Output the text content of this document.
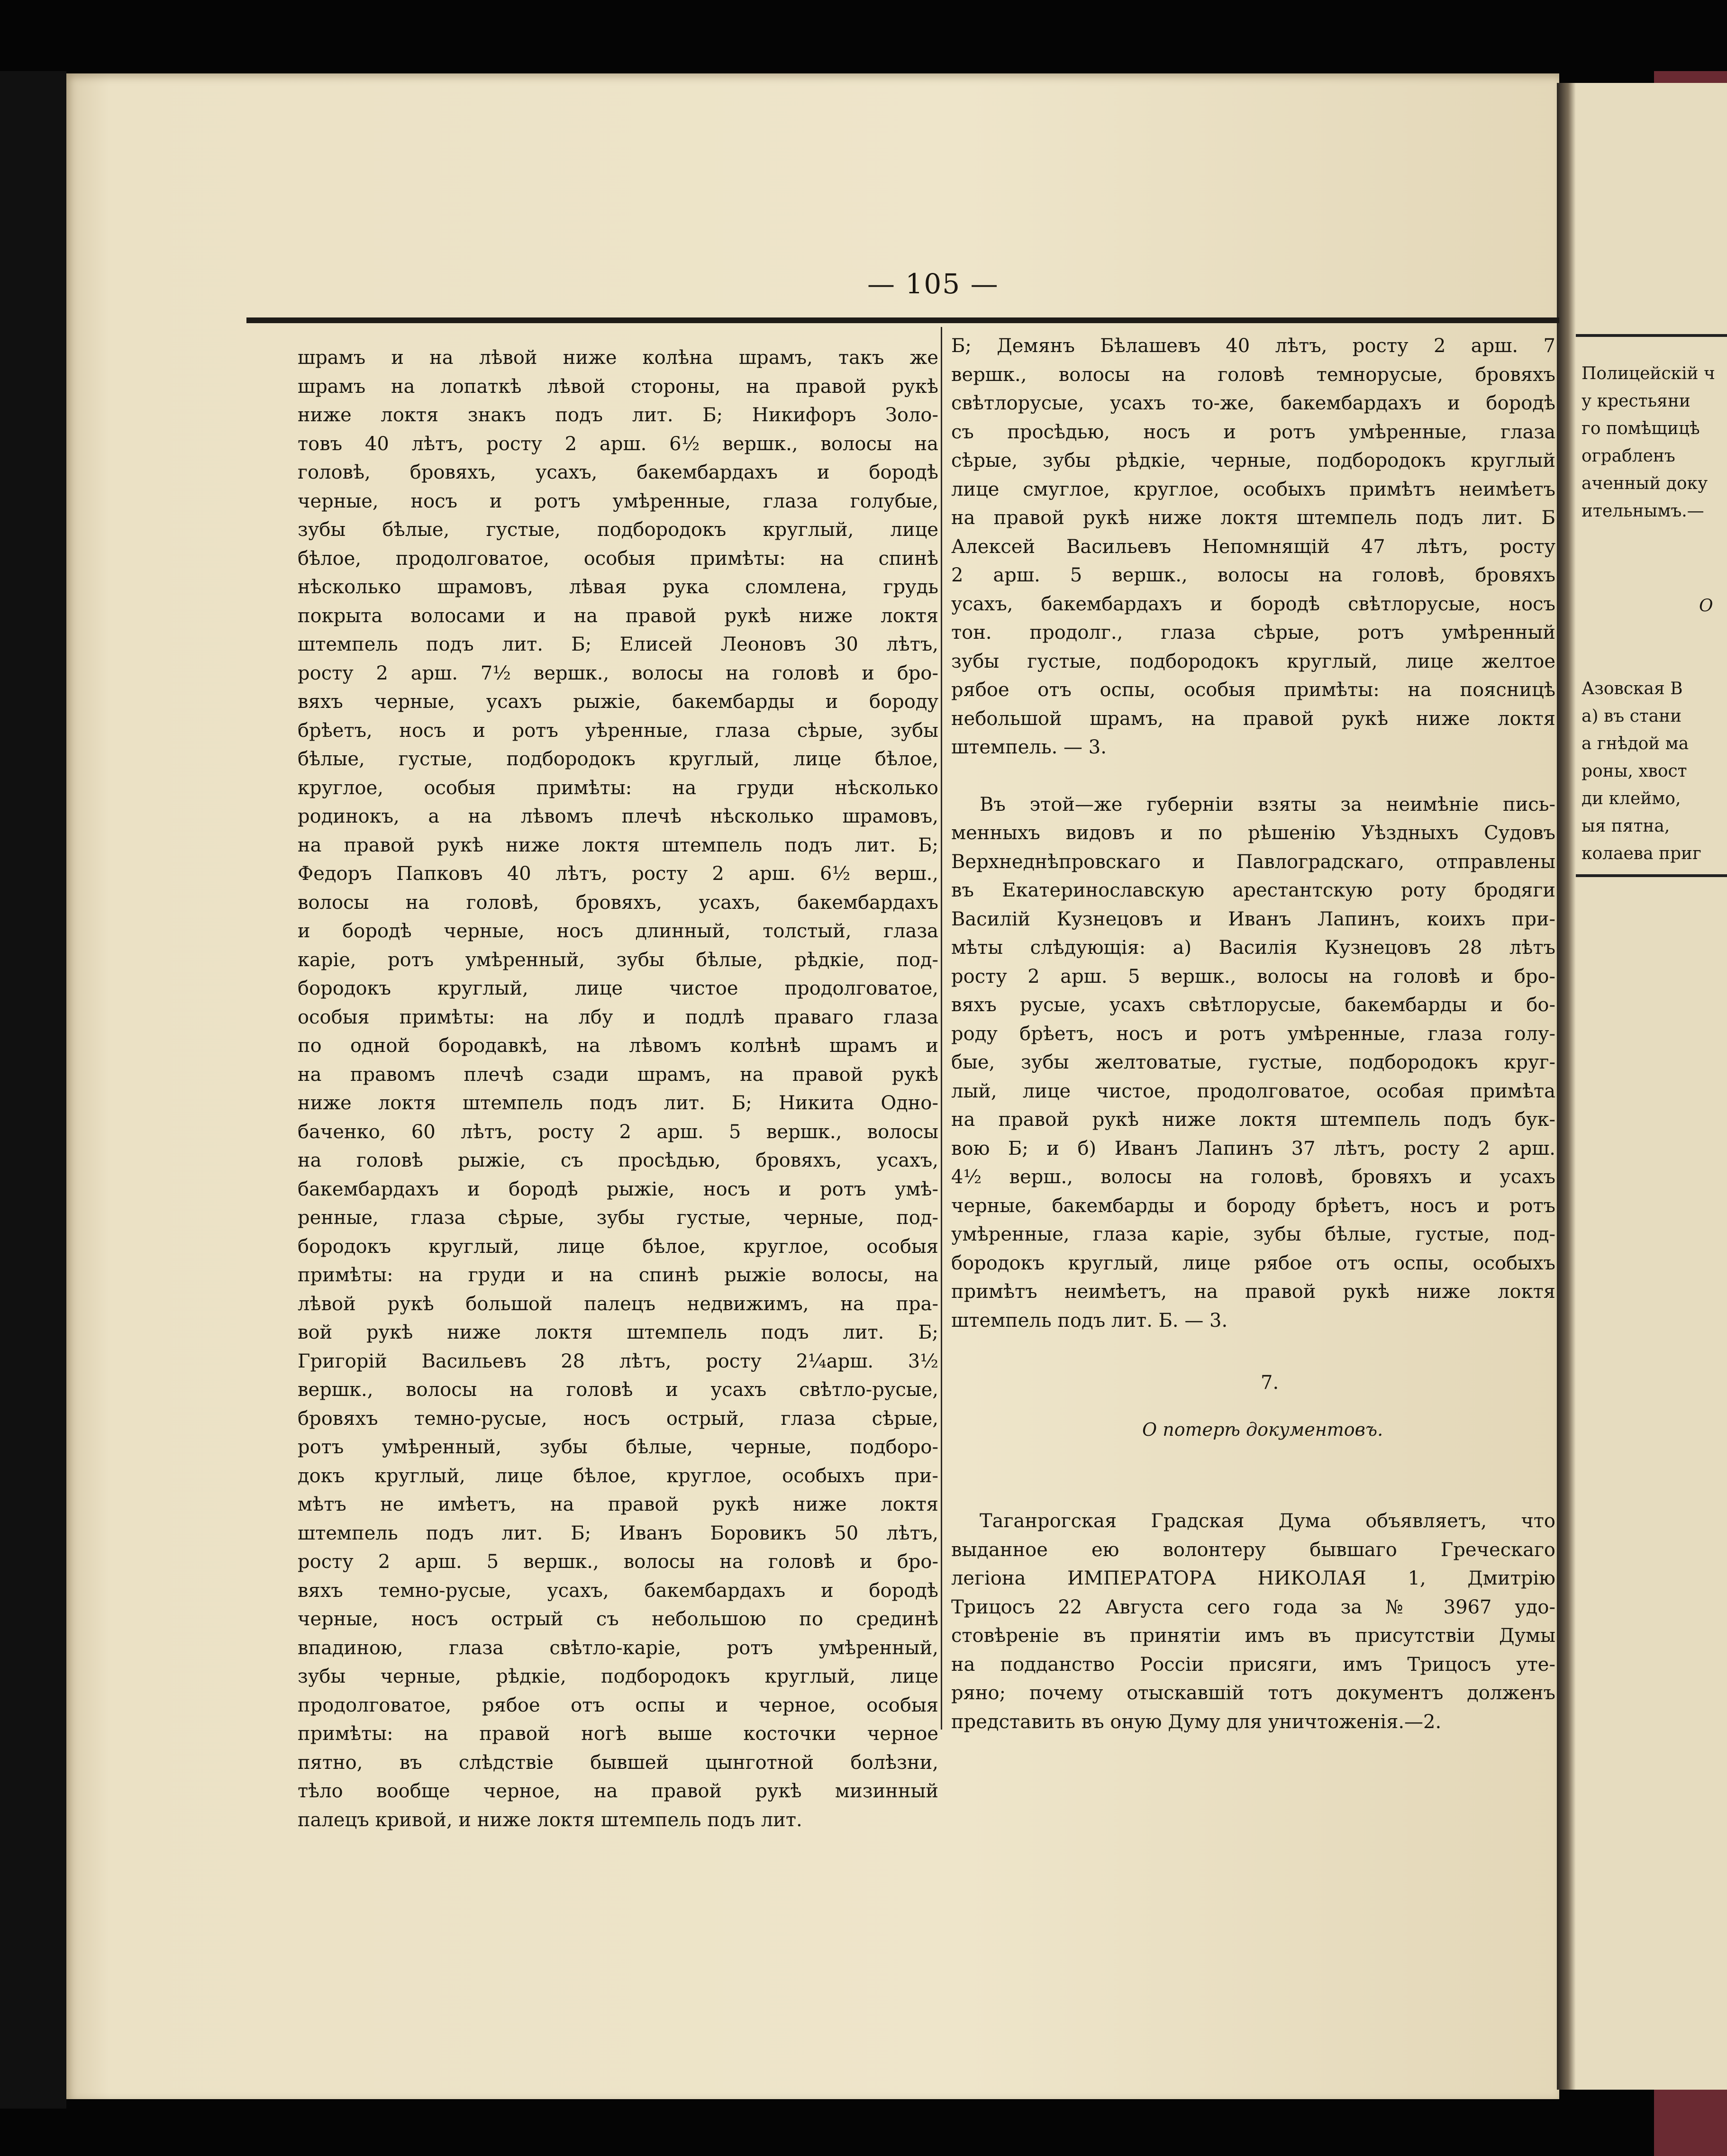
Полицейскій ч
у крестьяни
го помѣщицѣ
ограбленъ
аченный доку
ительнымъ.—
О
Азовская В
а) въ стани
а гнѣдой ма
роны, хвост
ди клеймо,
ыя пятна,
колаева приг
— 105 —
шрамъ и на лѣвой ниже колѣна шрамъ, такъ же
шрамъ на лопаткѣ лѣвой стороны, на правой рукѣ
ниже локтя знакъ подъ лит. Б; Никифоръ Золо-
товъ 40 лѣтъ, росту 2 арш. 6½ вершк., волосы на
головѣ, бровяхъ, усахъ, бакембардахъ и бородѣ
черные, носъ и ротъ умѣренные, глаза голубые,
зубы бѣлые, густые, подбородокъ круглый, лице
бѣлое, продолговатое, особыя примѣты: на спинѣ
нѣсколько шрамовъ, лѣвая рука сломлена, грудь
покрыта волосами и на правой рукѣ ниже локтя
штемпель подъ лит. Б; Елисей Леоновъ 30 лѣтъ,
росту 2 арш. 7½ вершк., волосы на головѣ и бро-
вяхъ черные, усахъ рыжіе, бакембарды и бороду
брѣетъ, носъ и ротъ уѣренные, глаза сѣрые, зубы
бѣлые, густые, подбородокъ круглый, лице бѣлое,
круглое, особыя примѣты: на груди нѣсколько
родинокъ, а на лѣвомъ плечѣ нѣсколько шрамовъ,
на правой рукѣ ниже локтя штемпель подъ лит. Б;
Федоръ Папковъ 40 лѣтъ, росту 2 арш. 6½ верш.,
волосы на головѣ, бровяхъ, усахъ, бакембардахъ
и бородѣ черные, носъ длинный, толстый, глаза
каріе, ротъ умѣренный, зубы бѣлые, рѣдкіе, под-
бородокъ круглый, лице чистое продолговатое,
особыя примѣты: на лбу и подлѣ праваго глаза
по одной бородавкѣ, на лѣвомъ колѣнѣ шрамъ и
на правомъ плечѣ сзади шрамъ, на правой рукѣ
ниже локтя штемпель подъ лит. Б; Никита Одно-
баченко, 60 лѣтъ, росту 2 арш. 5 вершк., волосы
на головѣ рыжіе, съ просѣдью, бровяхъ, усахъ,
бакембардахъ и бородѣ рыжіе, носъ и ротъ умѣ-
ренные, глаза сѣрые, зубы густые, черные, под-
бородокъ круглый, лице бѣлое, круглое, особыя
примѣты: на груди и на спинѣ рыжіе волосы, на
лѣвой рукѣ большой палецъ недвижимъ, на пра-
вой рукѣ ниже локтя штемпель подъ лит. Б;
Григорій Васильевъ 28 лѣтъ, росту 2¼арш. 3½
вершк., волосы на головѣ и усахъ свѣтло-русые,
бровяхъ темно-русые, носъ острый, глаза сѣрые,
ротъ умѣренный, зубы бѣлые, черные, подборо-
докъ круглый, лице бѣлое, круглое, особыхъ при-
мѣтъ не имѣетъ, на правой рукѣ ниже локтя
штемпель подъ лит. Б; Иванъ Боровикъ 50 лѣтъ,
росту 2 арш. 5 вершк., волосы на головѣ и бро-
вяхъ темно-русые, усахъ, бакембардахъ и бородѣ
черные, носъ острый съ небольшою по срединѣ
впадиною, глаза свѣтло-каріе, ротъ умѣренный,
зубы черные, рѣдкіе, подбородокъ круглый, лице
продолговатое, рябое отъ оспы и черное, особыя
примѣты: на правой ногѣ выше косточки черное
пятно, въ слѣдствіе бывшей цынготной болѣзни,
тѣло вообще черное, на правой рукѣ мизинный
палецъ кривой, и ниже локтя штемпель подъ лит.
Б; Демянъ Бѣлашевъ 40 лѣтъ, росту 2 арш. 7
вершк., волосы на головѣ темнорусые, бровяхъ
свѣтлорусые, усахъ то-же, бакембардахъ и бородѣ
съ просѣдью, носъ и ротъ умѣренные, глаза
сѣрые, зубы рѣдкіе, черные, подбородокъ круглый
лице смуглое, круглое, особыхъ примѣтъ неимѣетъ
на правой рукѣ ниже локтя штемпель подъ лит. Б
Алексей Васильевъ Непомнящій 47 лѣтъ, росту
2 арш. 5 вершк., волосы на головѣ, бровяхъ
усахъ, бакембардахъ и бородѣ свѣтлорусые, носъ
тон. продолг., глаза сѣрые, ротъ умѣренный
зубы густые, подбородокъ круглый, лице желтое
рябое отъ оспы, особыя примѣты: на поясницѣ
небольшой шрамъ, на правой рукѣ ниже локтя
штемпель. — 3.
Въ этой—же губерніи взяты за неимѣніе пись-
менныхъ видовъ и по рѣшенію Уѣздныхъ Судовъ
Верхнеднѣпровскаго и Павлоградскаго, отправлены
въ Екатеринославскую арестантскую роту бродяги
Василій Кузнецовъ и Иванъ Лапинъ, коихъ при-
мѣты слѣдующія: а) Василія Кузнецовъ 28 лѣтъ
росту 2 арш. 5 вершк., волосы на головѣ и бро-
вяхъ русые, усахъ свѣтлорусые, бакембарды и бо-
роду брѣетъ, носъ и ротъ умѣренные, глаза голу-
бые, зубы желтоватые, густые, подбородокъ круг-
лый, лице чистое, продолговатое, особая примѣта
на правой рукѣ ниже локтя штемпель подъ бук-
вою Б; и б) Иванъ Лапинъ 37 лѣтъ, росту 2 арш.
4½ верш., волосы на головѣ, бровяхъ и усахъ
черные, бакембарды и бороду брѣетъ, носъ и ротъ
умѣренные, глаза каріе, зубы бѣлые, густые, под-
бородокъ круглый, лице рябое отъ оспы, особыхъ
примѣтъ неимѣетъ, на правой рукѣ ниже локтя
штемпель подъ лит. Б. — 3.
7.
О потерѣ документовъ.
Таганрогская Градская Дума объявляетъ, что
выданное ею волонтеру бывшаго Греческаго
легіона ИМПЕРАТОРА НИКОЛАЯ 1, Дмитрію
Трицосъ 22 Августа сего года за № 3967 удо-
стовѣреніе въ принятіи имъ въ присутствіи Думы
на подданство Россіи присяги, имъ Трицосъ уте-
ряно; почему отыскавшій тотъ документъ долженъ
представить въ оную Думу для уничтоженія.—2.
